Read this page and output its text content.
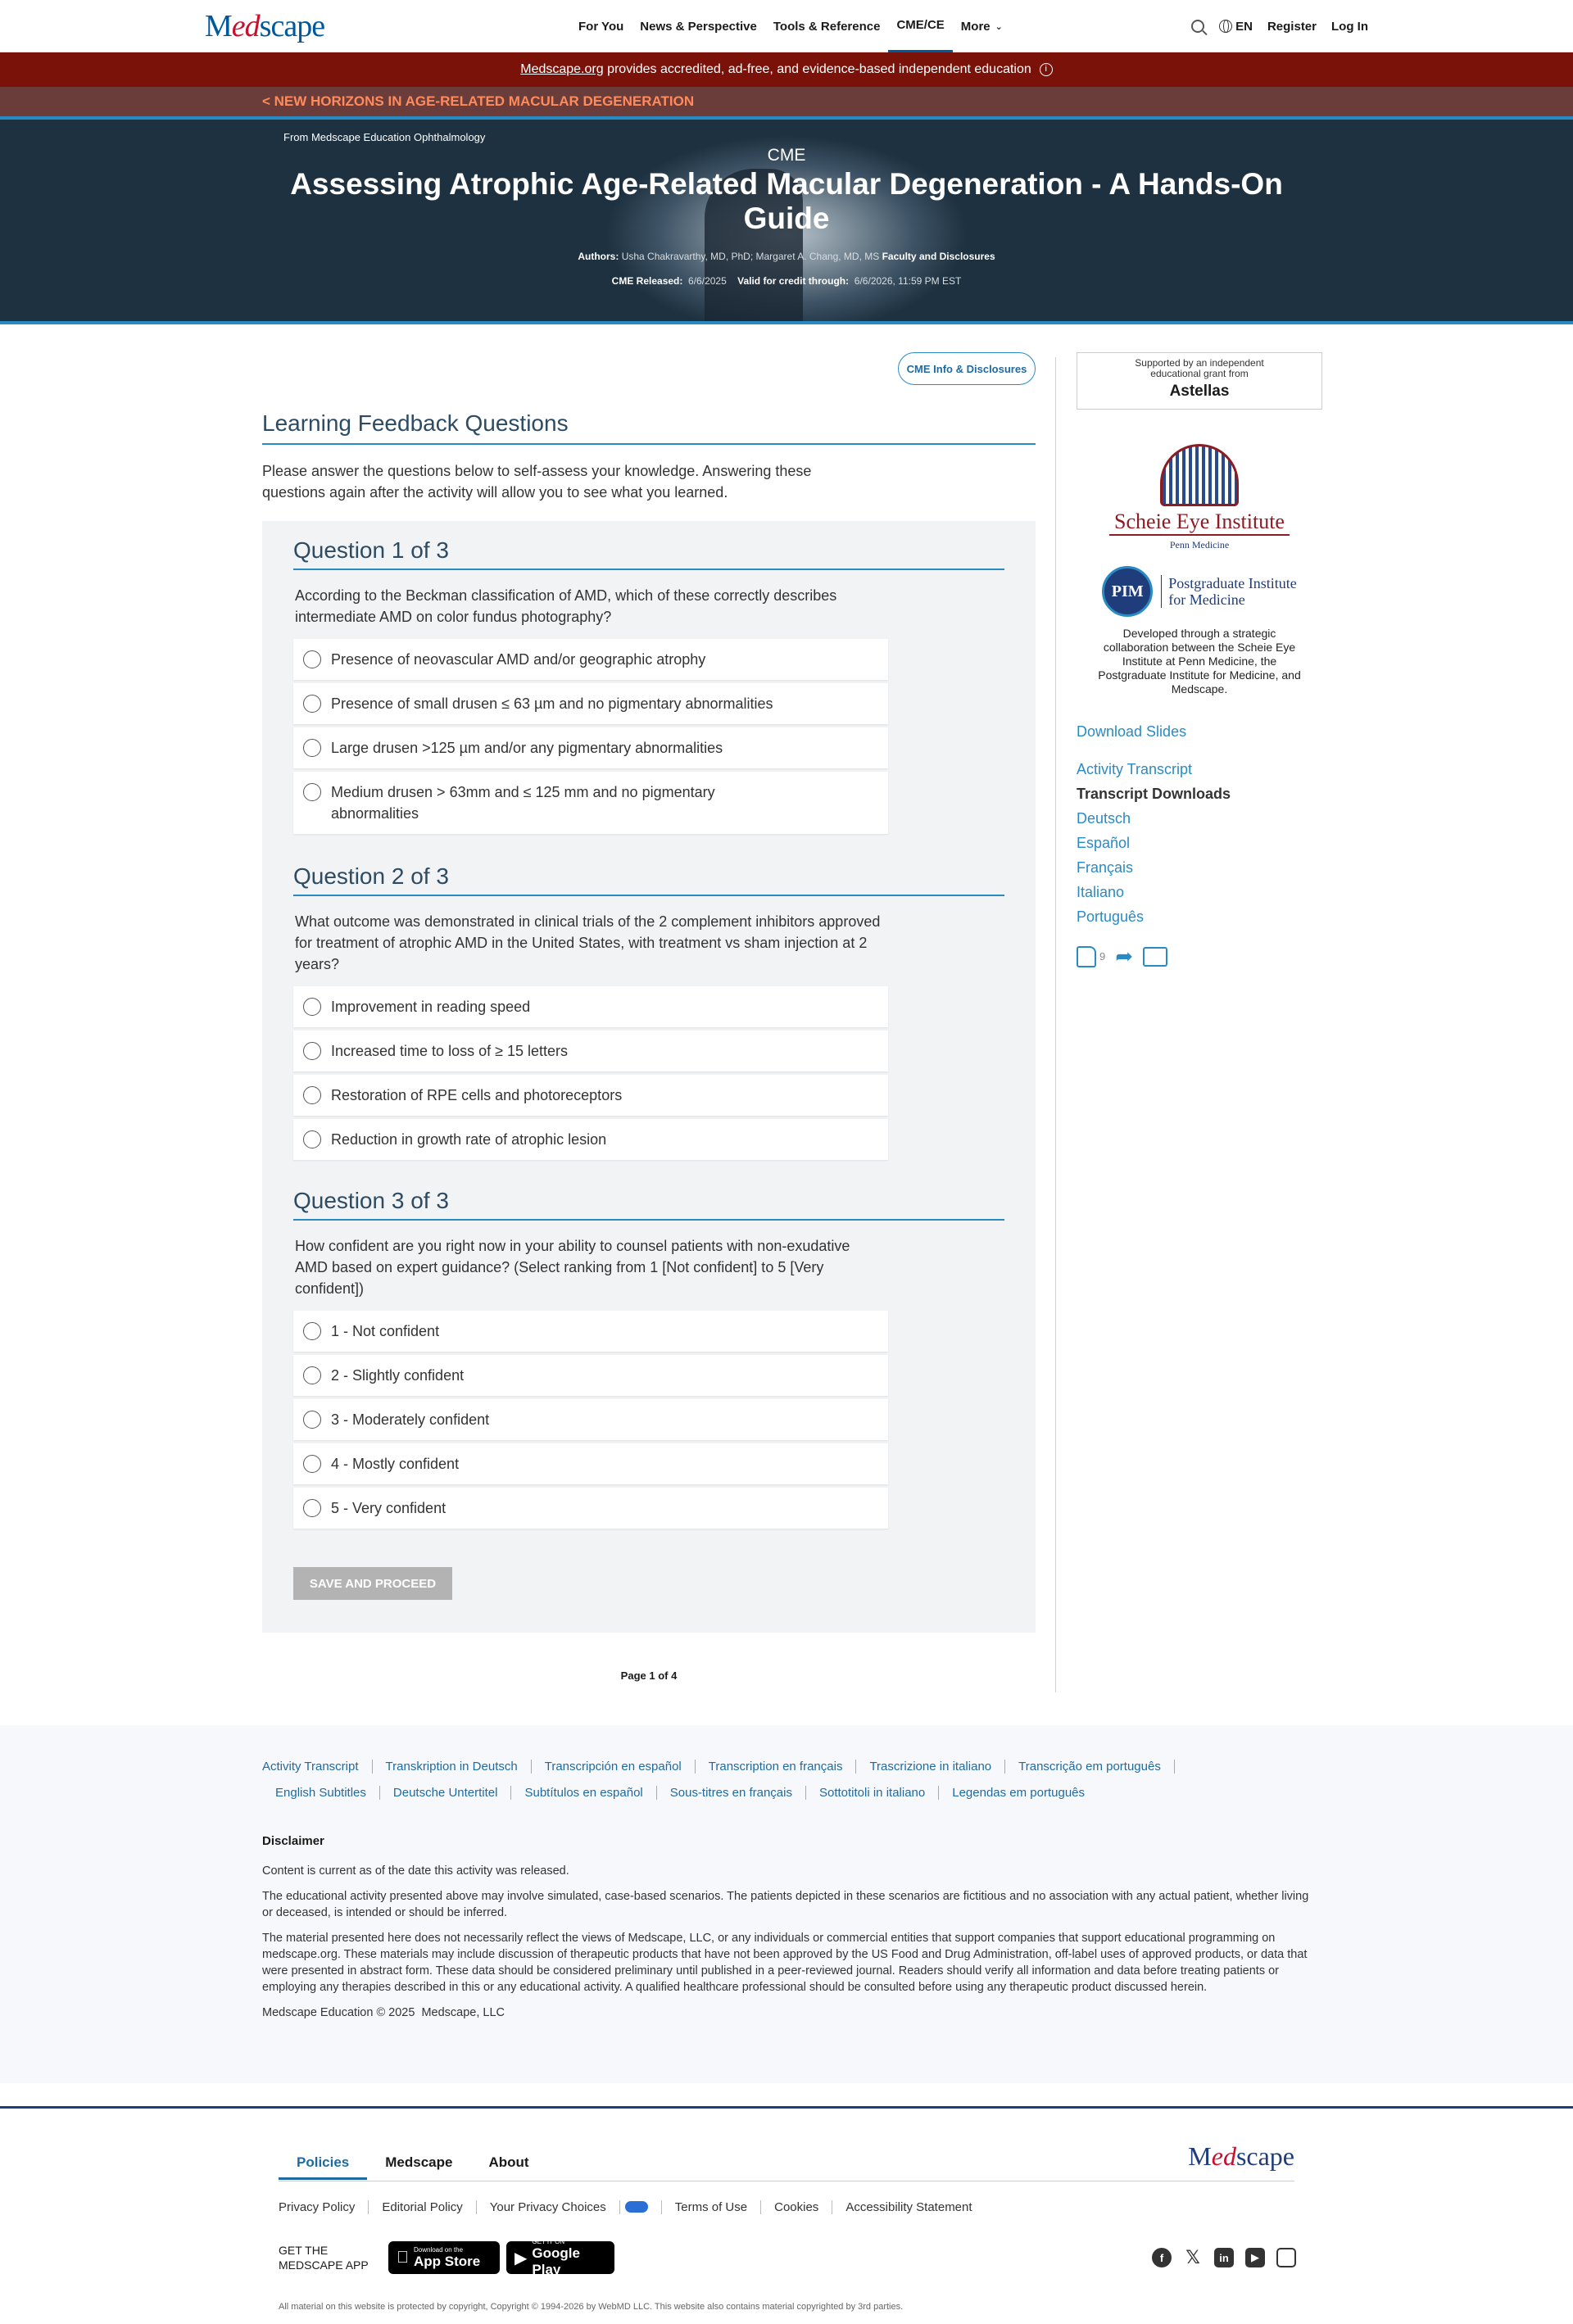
Medscape	For You	News & Perspective	Tools & Reference	CME/CE	More ⌄	EN Register Log In
Medscape.org provides accredited, ad-free, and evidence-based independent education	i
< NEW HORIZONS IN AGE-RELATED MACULAR DEGENERATION
From Medscape Education Ophthalmology
CME
Assessing Atrophic Age-Related Macular Degeneration - A Hands-On Guide
Authors: Usha Chakravarthy, MD, PhD; Margaret A. Chang, MD, MS Faculty and Disclosures
CME Released: 6/6/2025 Valid for credit through: 6/6/2026, 11:59 PM EST
CME Info & Disclosures
Learning Feedback Questions
Please answer the questions below to self-assess your knowledge. Answering these questions again after the activity will allow you to see what you learned.
Question 1 of 3
According to the Beckman classification of AMD, which of these correctly describes intermediate AMD on color fundus photography?
Presence of neovascular AMD and/or geographic atrophy
Presence of small drusen ≤ 63 µm and no pigmentary abnormalities
Large drusen >125 µm and/or any pigmentary abnormalities
Medium drusen > 63mm and ≤ 125 mm and no pigmentary abnormalities
Question 2 of 3
What outcome was demonstrated in clinical trials of the 2 complement inhibitors approved for treatment of atrophic AMD in the United States, with treatment vs sham injection at 2 years?
Improvement in reading speed
Increased time to loss of ≥ 15 letters
Restoration of RPE cells and photoreceptors
Reduction in growth rate of atrophic lesion
Question 3 of 3
How confident are you right now in your ability to counsel patients with non-exudative AMD based on expert guidance? (Select ranking from 1 [Not confident] to 5 [Very confident])
1 - Not confident
2 - Slightly confident
3 - Moderately confident
4 - Mostly confident
5 - Very confident
SAVE AND PROCEED
Page 1 of 4
Supported by an independent
educational grant from
Astellas
Scheie Eye Institute
Penn Medicine
PIM	Postgraduate Institute
for Medicine
Developed through a strategic collaboration between the Scheie Eye Institute at Penn Medicine, the Postgraduate Institute for Medicine, and Medscape.
Download Slides
Activity Transcript
Transcript Downloads
Deutsch
Español
Français
Italiano
Português
9 ➦
Activity Transcript	Transkription in Deutsch	Transcripción en español	Transcription en français	Trascrizione in italiano	Transcrição em português
English Subtitles	Deutsche Untertitel	Subtítulos en español	Sous-titres en français	Sottotitoli in italiano	Legendas em português
Disclaimer

Content is current as of the date this activity was released.

The educational activity presented above may involve simulated, case-based scenarios. The patients depicted in these scenarios are fictitious and no association with any actual patient, whether living or deceased, is intended or should be inferred.

The material presented here does not necessarily reflect the views of Medscape, LLC, or any individuals or commercial entities that support companies that support educational programming on medscape.org. These materials may include discussion of therapeutic products that have not been approved by the US Food and Drug Administration, off-label uses of approved products, or data that were presented in abstract form. These data should be considered preliminary until published in a peer-reviewed journal. Readers should verify all information and data before treating patients or employing any therapies described in this or any educational activity. A qualified healthcare professional should be consulted before using any therapeutic product discussed herein.

Medscape Education © 2025  Medscape, LLC

Policies	Medscape	About	Medscape
Privacy Policy	Editorial Policy	Your Privacy Choices	Terms of Use	Cookies	Accessibility Statement
GET THE
MEDSCAPE APP
Download on the
App Store	▶
GET IT ON
Google Play
f	𝕏	in	▶
All material on this website is protected by copyright, Copyright © 1994-2026 by WebMD LLC. This website also contains material copyrighted by 3rd parties.
